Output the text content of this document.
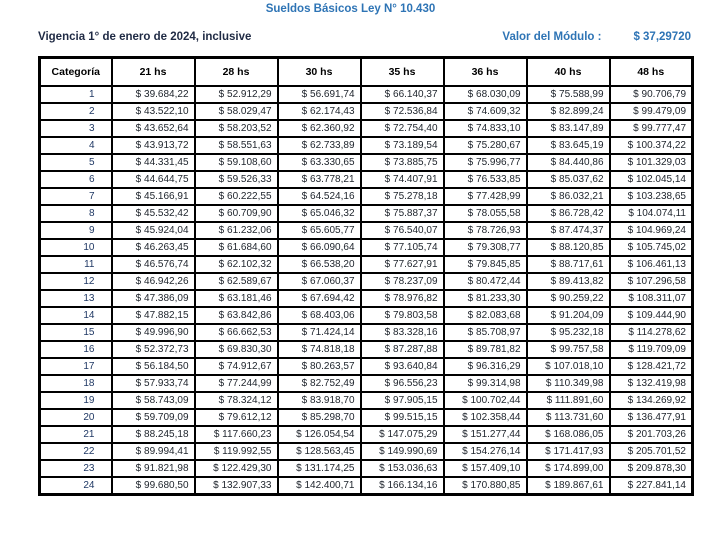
Sueldos Básicos Ley N° 10.430
Vigencia 1° de enero de 2024, inclusive	Valor del Módulo :	$ 37,29720
Categoría	21 hs	28 hs	30 hs	35 hs	36 hs	40 hs	48 hs
1	$ 39.684,22	$ 52.912,29	$ 56.691,74	$ 66.140,37	$ 68.030,09	$ 75.588,99	$ 90.706,79
2	$ 43.522,10	$ 58.029,47	$ 62.174,43	$ 72.536,84	$ 74.609,32	$ 82.899,24	$ 99.479,09
3	$ 43.652,64	$ 58.203,52	$ 62.360,92	$ 72.754,40	$ 74.833,10	$ 83.147,89	$ 99.777,47
4	$ 43.913,72	$ 58.551,63	$ 62.733,89	$ 73.189,54	$ 75.280,67	$ 83.645,19	$ 100.374,22
5	$ 44.331,45	$ 59.108,60	$ 63.330,65	$ 73.885,75	$ 75.996,77	$ 84.440,86	$ 101.329,03
6	$ 44.644,75	$ 59.526,33	$ 63.778,21	$ 74.407,91	$ 76.533,85	$ 85.037,62	$ 102.045,14
7	$ 45.166,91	$ 60.222,55	$ 64.524,16	$ 75.278,18	$ 77.428,99	$ 86.032,21	$ 103.238,65
8	$ 45.532,42	$ 60.709,90	$ 65.046,32	$ 75.887,37	$ 78.055,58	$ 86.728,42	$ 104.074,11
9	$ 45.924,04	$ 61.232,06	$ 65.605,77	$ 76.540,07	$ 78.726,93	$ 87.474,37	$ 104.969,24
10	$ 46.263,45	$ 61.684,60	$ 66.090,64	$ 77.105,74	$ 79.308,77	$ 88.120,85	$ 105.745,02
11	$ 46.576,74	$ 62.102,32	$ 66.538,20	$ 77.627,91	$ 79.845,85	$ 88.717,61	$ 106.461,13
12	$ 46.942,26	$ 62.589,67	$ 67.060,37	$ 78.237,09	$ 80.472,44	$ 89.413,82	$ 107.296,58
13	$ 47.386,09	$ 63.181,46	$ 67.694,42	$ 78.976,82	$ 81.233,30	$ 90.259,22	$ 108.311,07
14	$ 47.882,15	$ 63.842,86	$ 68.403,06	$ 79.803,58	$ 82.083,68	$ 91.204,09	$ 109.444,90
15	$ 49.996,90	$ 66.662,53	$ 71.424,14	$ 83.328,16	$ 85.708,97	$ 95.232,18	$ 114.278,62
16	$ 52.372,73	$ 69.830,30	$ 74.818,18	$ 87.287,88	$ 89.781,82	$ 99.757,58	$ 119.709,09
17	$ 56.184,50	$ 74.912,67	$ 80.263,57	$ 93.640,84	$ 96.316,29	$ 107.018,10	$ 128.421,72
18	$ 57.933,74	$ 77.244,99	$ 82.752,49	$ 96.556,23	$ 99.314,98	$ 110.349,98	$ 132.419,98
19	$ 58.743,09	$ 78.324,12	$ 83.918,70	$ 97.905,15	$ 100.702,44	$ 111.891,60	$ 134.269,92
20	$ 59.709,09	$ 79.612,12	$ 85.298,70	$ 99.515,15	$ 102.358,44	$ 113.731,60	$ 136.477,91
21	$ 88.245,18	$ 117.660,23	$ 126.054,54	$ 147.075,29	$ 151.277,44	$ 168.086,05	$ 201.703,26
22	$ 89.994,41	$ 119.992,55	$ 128.563,45	$ 149.990,69	$ 154.276,14	$ 171.417,93	$ 205.701,52
23	$ 91.821,98	$ 122.429,30	$ 131.174,25	$ 153.036,63	$ 157.409,10	$ 174.899,00	$ 209.878,30
24	$ 99.680,50	$ 132.907,33	$ 142.400,71	$ 166.134,16	$ 170.880,85	$ 189.867,61	$ 227.841,14
